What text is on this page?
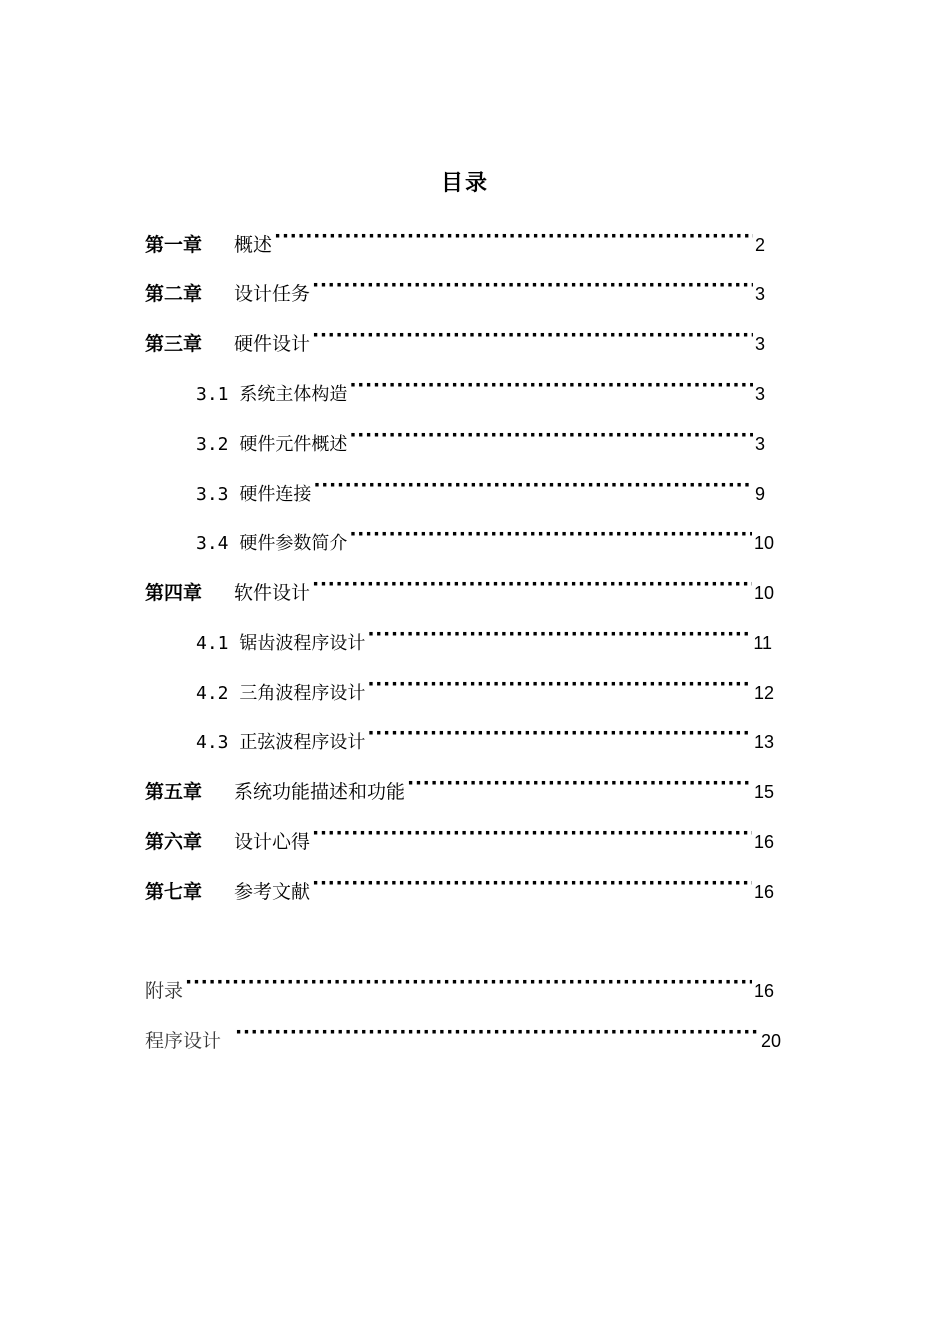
目录
第一章	概述 ·····	2
第二章	设计任务 ·····	3
第三章	硬件设计 ·····	3
3.1 系统主体构造 ·····	3
3.2 硬件元件概述 ·····	3
3.3 硬件连接 ·····	9
3.4 硬件参数简介 ·····	10
第四章	软件设计 ·····	10
4.1 锯齿波程序设计 ·····	11
4.2 三角波程序设计 ·····	12
4.3 正弦波程序设计 ·····	13
第五章	系统功能描述和功能 ·····	15
第六章	设计心得 ·····	16
第七章	参考文献 ·····	16
附录 ·····	16
程序设计 ·····	20
